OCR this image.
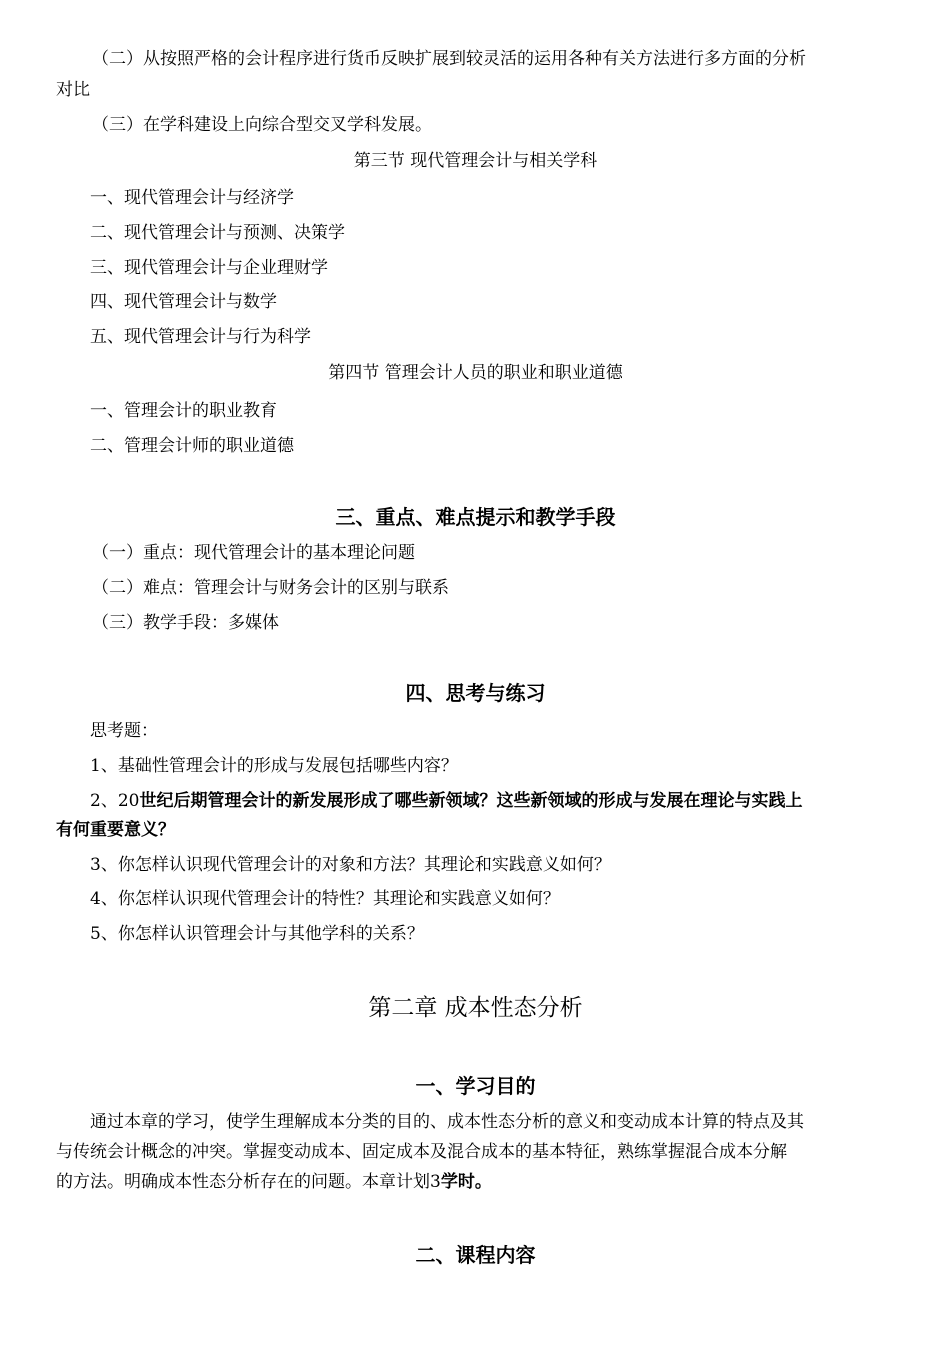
（二）从按照严格的会计程序进行货币反映扩展到较灵活的运用各种有关方法进行多方面的分析
对比
（三）在学科建设上向综合型交叉学科发展。
第三节 现代管理会计与相关学科
一、现代管理会计与经济学
二、现代管理会计与预测、决策学
三、现代管理会计与企业理财学
四、现代管理会计与数学
五、现代管理会计与行为科学
第四节 管理会计人员的职业和职业道德
一、管理会计的职业教育
二、管理会计师的职业道德
三、重点、难点提示和教学手段
（一）重点：现代管理会计的基本理论问题
（二）难点：管理会计与财务会计的区别与联系
（三）教学手段：多媒体
四、思考与练习
思考题：
1、基础性管理会计的形成与发展包括哪些内容？
2、20世纪后期管理会计的新发展形成了哪些新领域？这些新领域的形成与发展在理论与实践上
有何重要意义？
3、你怎样认识现代管理会计的对象和方法？其理论和实践意义如何？
4、你怎样认识现代管理会计的特性？其理论和实践意义如何？
5、你怎样认识管理会计与其他学科的关系？
第二章 成本性态分析
一、学习目的
通过本章的学习，使学生理解成本分类的目的、成本性态分析的意义和变动成本计算的特点及其
与传统会计概念的冲突。掌握变动成本、固定成本及混合成本的基本特征，熟练掌握混合成本分解
的方法。明确成本性态分析存在的问题。本章计划3学时。
二、课程内容
